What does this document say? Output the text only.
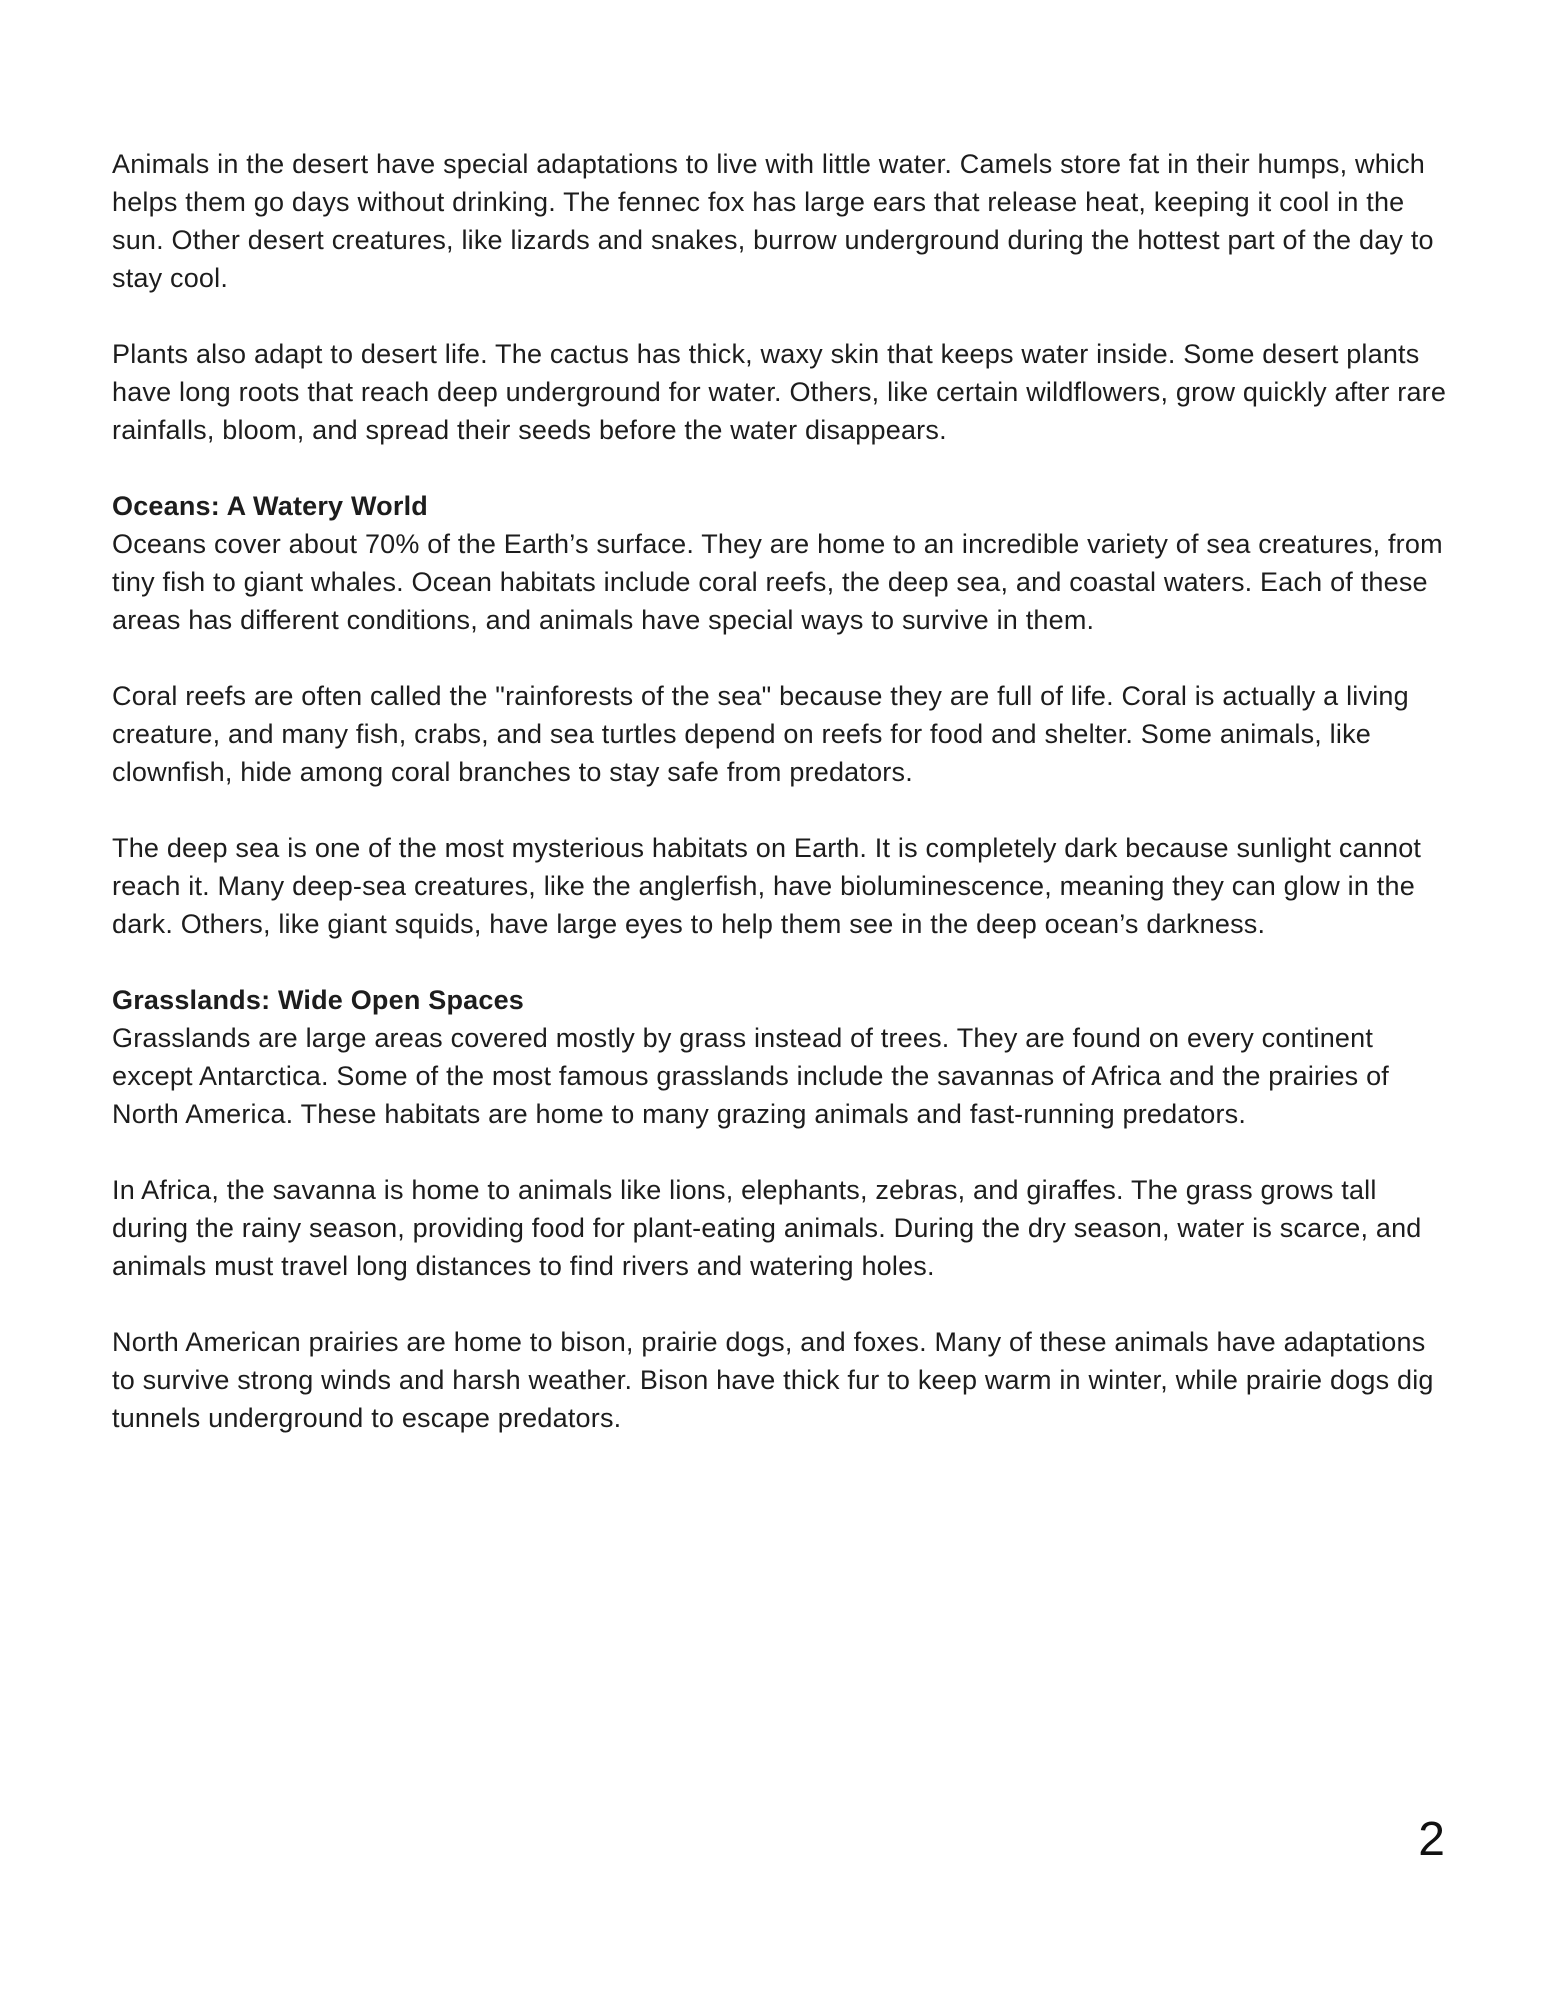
Animals in the desert have special adaptations to live with little water. Camels store fat in their humps, which helps them go days without drinking. The fennec fox has large ears that release heat, keeping it cool in the sun. Other desert creatures, like lizards and snakes, burrow underground during the hottest part of the day to stay cool.

Plants also adapt to desert life. The cactus has thick, waxy skin that keeps water inside. Some desert plants have long roots that reach deep underground for water. Others, like certain wildflowers, grow quickly after rare rainfalls, bloom, and spread their seeds before the water disappears.

Oceans: A Watery World

Oceans cover about 70% of the Earth’s surface. They are home to an incredible variety of sea creatures, from tiny fish to giant whales. Ocean habitats include coral reefs, the deep sea, and coastal waters. Each of these areas has different conditions, and animals have special ways to survive in them.

Coral reefs are often called the "rainforests of the sea" because they are full of life. Coral is actually a living creature, and many fish, crabs, and sea turtles depend on reefs for food and shelter. Some animals, like clownfish, hide among coral branches to stay safe from predators.

The deep sea is one of the most mysterious habitats on Earth. It is completely dark because sunlight cannot reach it. Many deep-sea creatures, like the anglerfish, have bioluminescence, meaning they can glow in the dark. Others, like giant squids, have large eyes to help them see in the deep ocean’s darkness.

Grasslands: Wide Open Spaces

Grasslands are large areas covered mostly by grass instead of trees. They are found on every continent except Antarctica. Some of the most famous grasslands include the savannas of Africa and the prairies of North America. These habitats are home to many grazing animals and fast-running predators.

In Africa, the savanna is home to animals like lions, elephants, zebras, and giraffes. The grass grows tall during the rainy season, providing food for plant-eating animals. During the dry season, water is scarce, and animals must travel long distances to find rivers and watering holes.

North American prairies are home to bison, prairie dogs, and foxes. Many of these animals have adaptations to survive strong winds and harsh weather. Bison have thick fur to keep warm in winter, while prairie dogs dig tunnels underground to escape predators.

2
